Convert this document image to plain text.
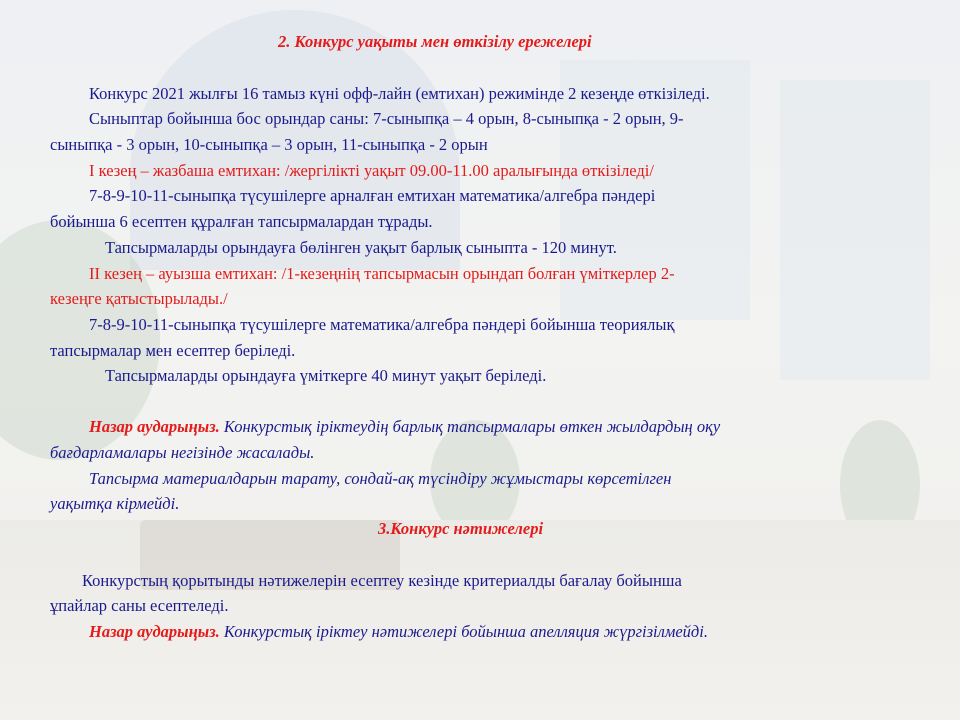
2. Конкурс уақыты мен өткізілу ережелері
Конкурс 2021 жылғы 16 тамыз күні офф-лайн (емтихан) режимінде 2 кезеңде өткізіледі.
Сыныптар бойынша бос орындар саны: 7-сыныпқа – 4 орын, 8-сыныпқа - 2 орын, 9-
сыныпқа - 3 орын, 10-сыныпқа – 3 орын, 11-сыныпқа - 2 орын
І кезең – жазбаша емтихан: /жергілікті уақыт 09.00-11.00 аралығында өткізіледі/
7-8-9-10-11-сыныпқа түсушілерге арналған емтихан математика/алгебра пәндері
бойынша 6 есептен құралған тапсырмалардан тұрады.
Тапсырмаларды орындауға бөлінген уақыт барлық сыныпта - 120 минут.
ІІ кезең – ауызша емтихан: /1-кезеңнің тапсырмасын орындап болған үміткерлер 2-
кезеңге қатыстырылады./
7-8-9-10-11-сыныпқа түсушілерге математика/алгебра пәндері бойынша теориялық
тапсырмалар мен есептер беріледі.
Тапсырмаларды орындауға үміткерге 40 минут уақыт беріледі.
Назар аударыңыз. Конкурстық іріктеудің барлық тапсырмалары өткен жылдардың оқу
бағдарламалары негізінде жасалады.
Тапсырма материалдарын тарату, сондай-ақ түсіндіру жұмыстары көрсетілген
уақытқа кірмейді.
3.Конкурс нәтижелері
Конкурстың қорытынды нәтижелерін есептеу кезінде критериалды бағалау бойынша
ұпайлар саны есептеледі.
Назар аударыңыз. Конкурстық іріктеу нәтижелері бойынша апелляция жүргізілмейді.
